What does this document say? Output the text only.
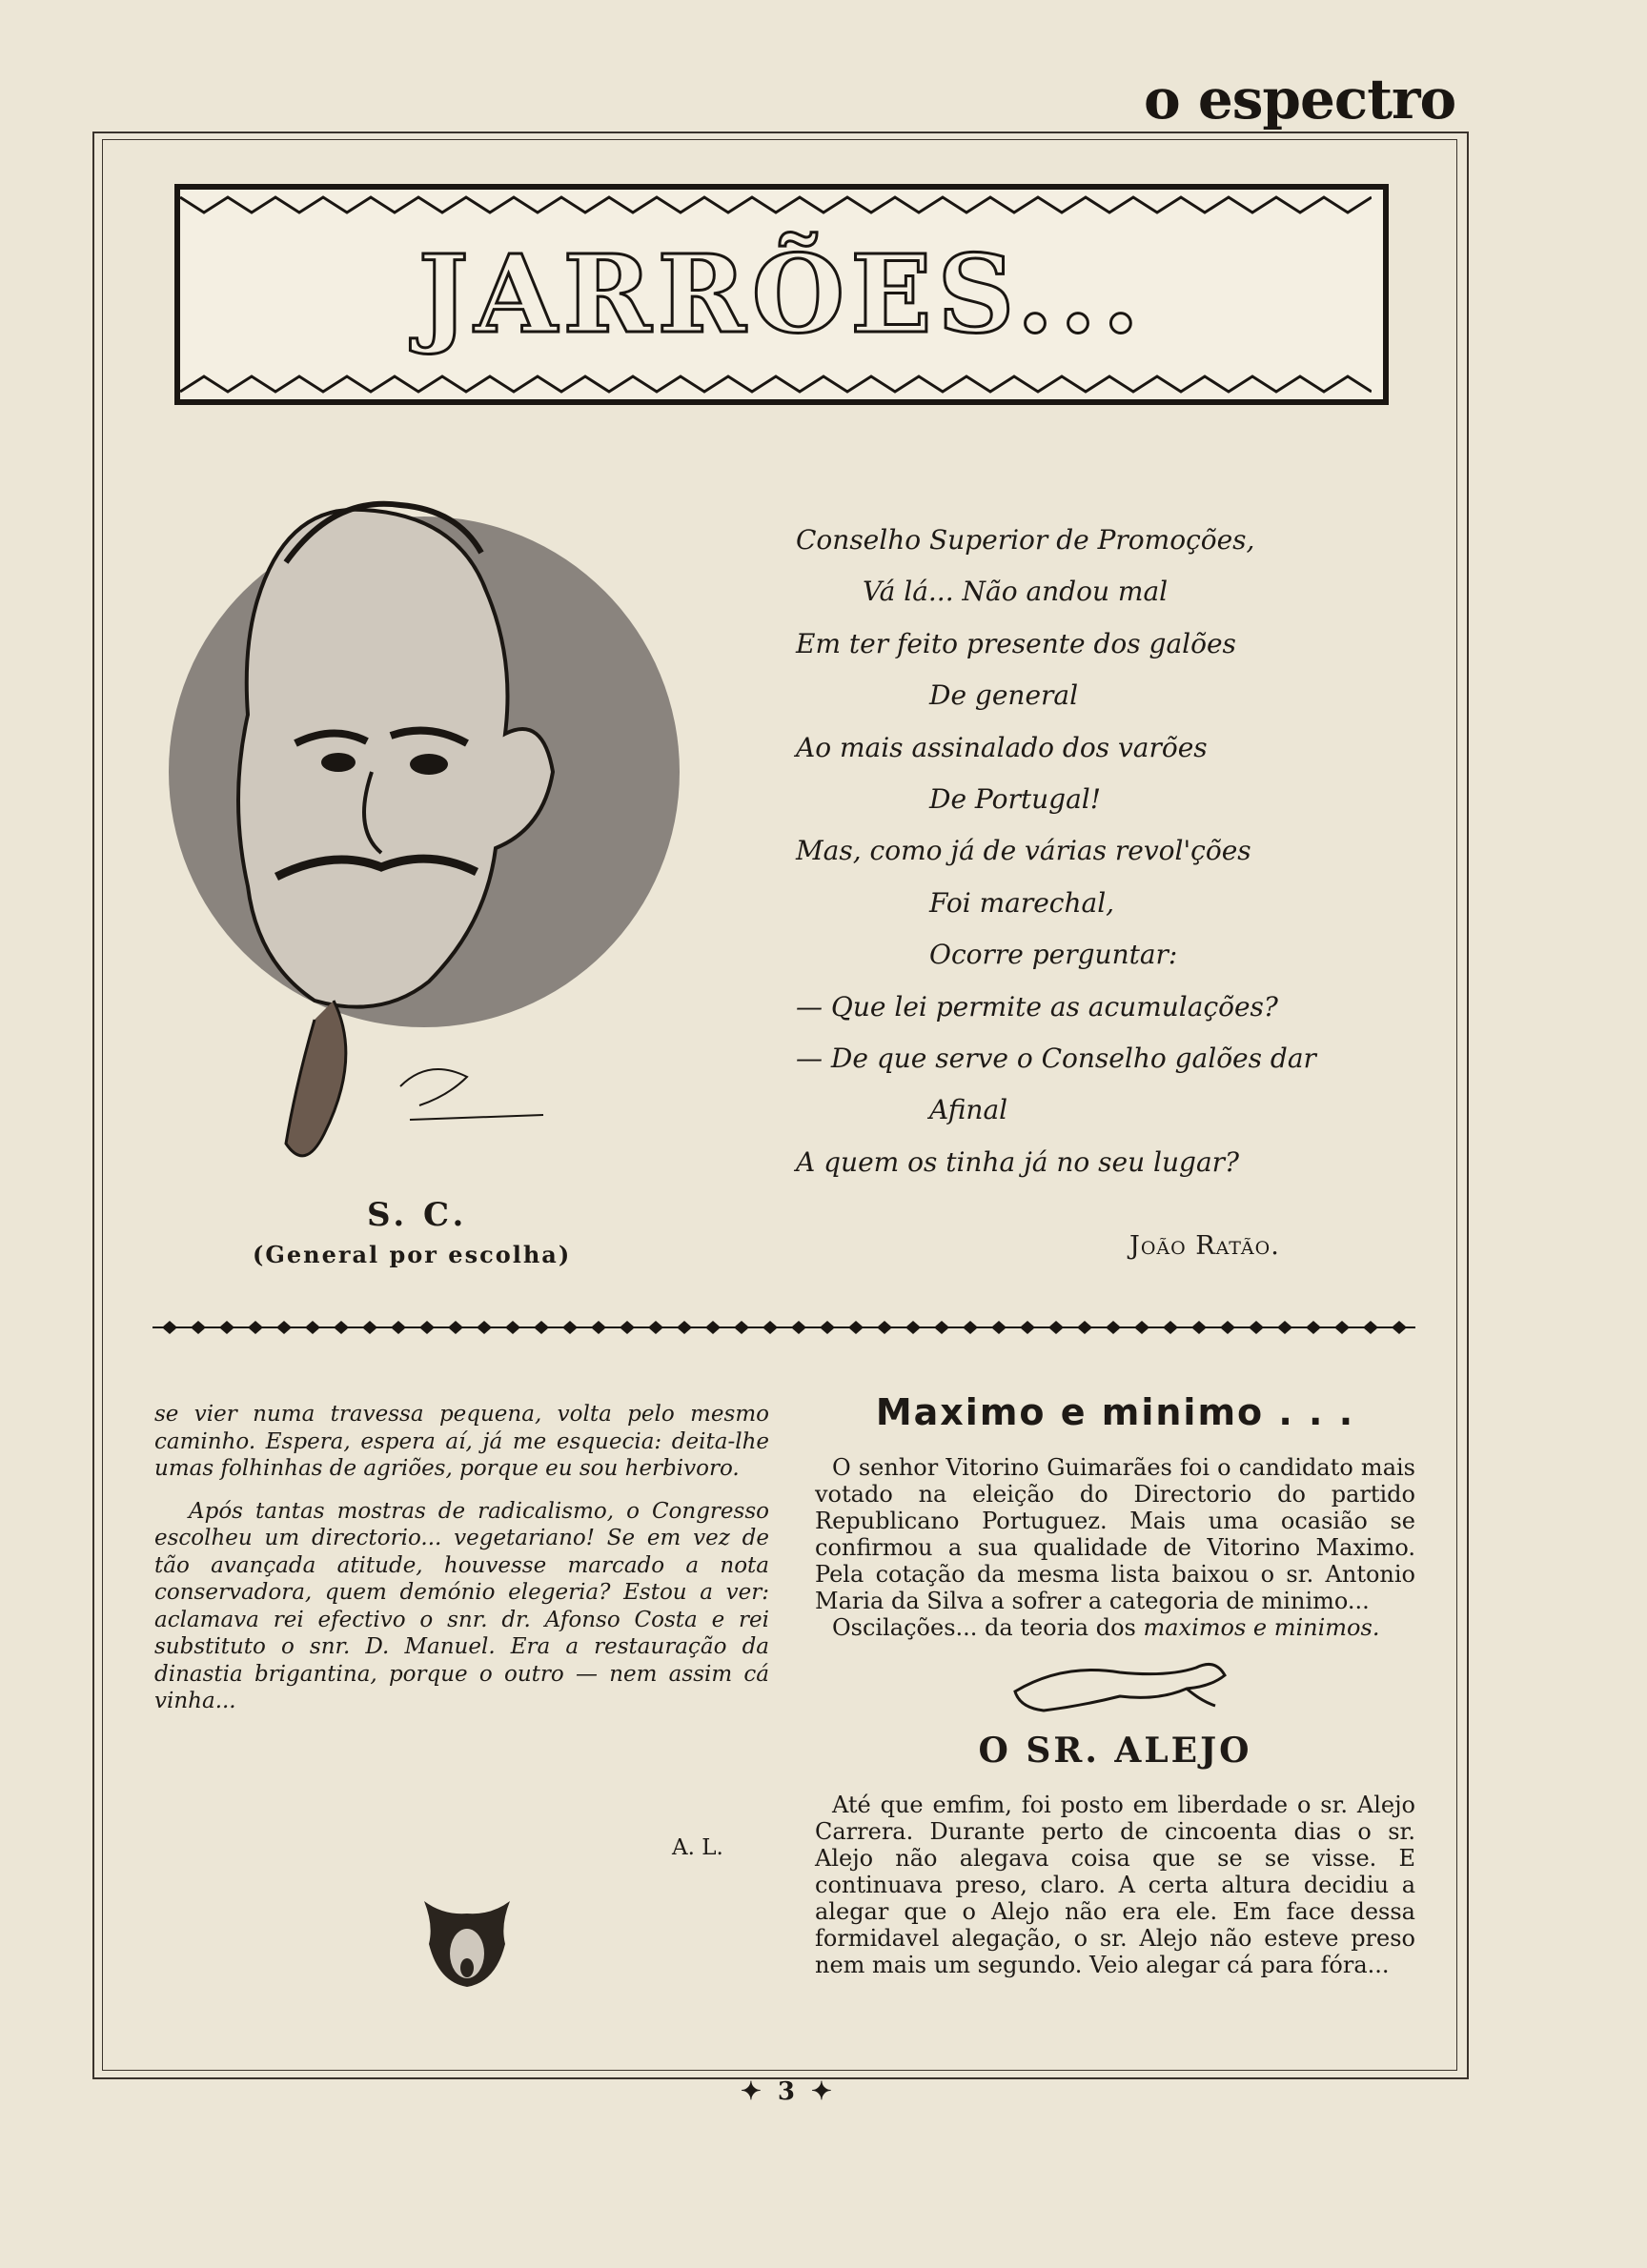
o espectro
JARRÕES...
S. C.
(General por escolha)
Conselho Superior de Promoções,
Vá lá... Não andou mal
Em ter feito presente dos galões
De general
Ao mais assinalado dos varões
De Portugal!
Mas, como já de várias revol'ções
Foi marechal,
Ocorre perguntar:
— Que lei permite as acumulações?
— De que serve o Conselho galões dar
Afinal
A quem os tinha já no seu lugar?
João Ratão.

se vier numa travessa pequena, volta pelo mesmo caminho. Espera, espera aí, já me esquecia: deita-lhe umas folhinhas de agriões, porque eu sou herbivoro.

Após tantas mostras de radicalismo, o Congresso escolheu um directorio... vegetariano! Se em vez de tão avançada atitude, houvesse marcado a nota conservadora, quem demónio elegeria? Estou a ver: aclamava rei efectivo o snr. dr. Afonso Costa e rei substituto o snr. D. Manuel. Era a restauração da dinastia brigantina, porque o outro — nem assim cá vinha...

A. L.
Maximo e minimo . . .

O senhor Vitorino Guimarães foi o candidato mais votado na eleição do Directorio do partido Republicano Portuguez. Mais uma ocasião se confirmou a sua qualidade de Vitorino Maximo. Pela cotação da mesma lista baixou o sr. Antonio Maria da Silva a sofrer a categoria de minimo...

Oscilações... da teoria dos maximos e minimos.

O SR. ALEJO

Até que emfim, foi posto em liberdade o sr. Alejo Carrera. Durante perto de cincoenta dias o sr. Alejo não alegava coisa que se se visse. E continuava preso, claro. A certa altura decidiu a alegar que o Alejo não era ele. Em face dessa formidavel alegação, o sr. Alejo não esteve preso nem mais um segundo. Veio alegar cá para fóra...

✦ 3 ✦
